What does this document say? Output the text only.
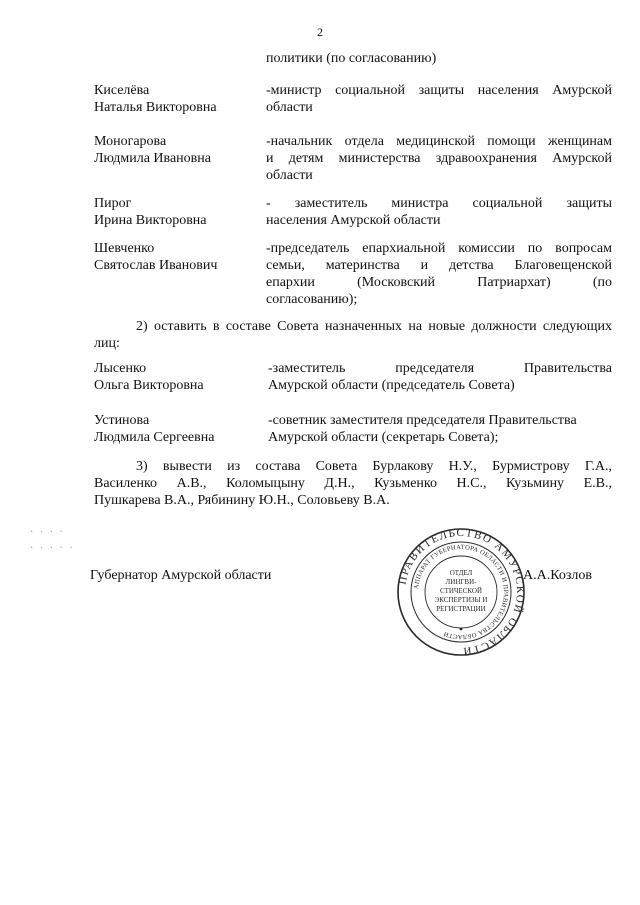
2
политики (по согласованию)
Киселёва
Наталья Викторовна
-министр социальной защиты населения Амурской
области
Моногарова
Людмила Ивановна
-начальник отдела медицинской помощи женщинам
и детям министерства здравоохранения Амурской
области
Пирог
Ирина Викторовна
- заместитель министра социальной защиты
населения Амурской области
Шевченко
Святослав Иванович
-председатель епархиальной комиссии по вопросам
семьи, материнства и детства Благовещенской
епархии (Московский Патриархат) (по
согласованию);
2) оставить в составе Совета назначенных на новые должности следующих лиц:
Лысенко
Ольга Викторовна
-заместитель председателя Правительства
Амурской области (председатель Совета)
Устинова
Людмила Сергеевна
-советник заместителя председателя Правительства
Амурской области (секретарь Совета);
3) вывести из состава Совета Бурлакову Н.У., Бурмистрову Г.А.,
Василенко А.В., Коломыцыну Д.Н., Кузьменко Н.С., Кузьмину Е.В.,
Пушкарева В.А., Рябинину Ю.Н., Соловьеву В.А.
· · · ·
· · · · ·
Губернатор Амурской области	А.А.Козлов
ПРАВИТЕЛЬСТВО АМУРСКОЙ ОБЛАСТИ
АППАРАТ ГУБЕРНАТОРА ОБЛАСТИ И ПРАВИТЕЛЬСТВА ОБЛАСТИ
ОТДЕЛ
ЛИНГВИ-
СТИЧЕСКОЙ
ЭКСПЕРТИЗЫ И
РЕГИСТРАЦИИ
